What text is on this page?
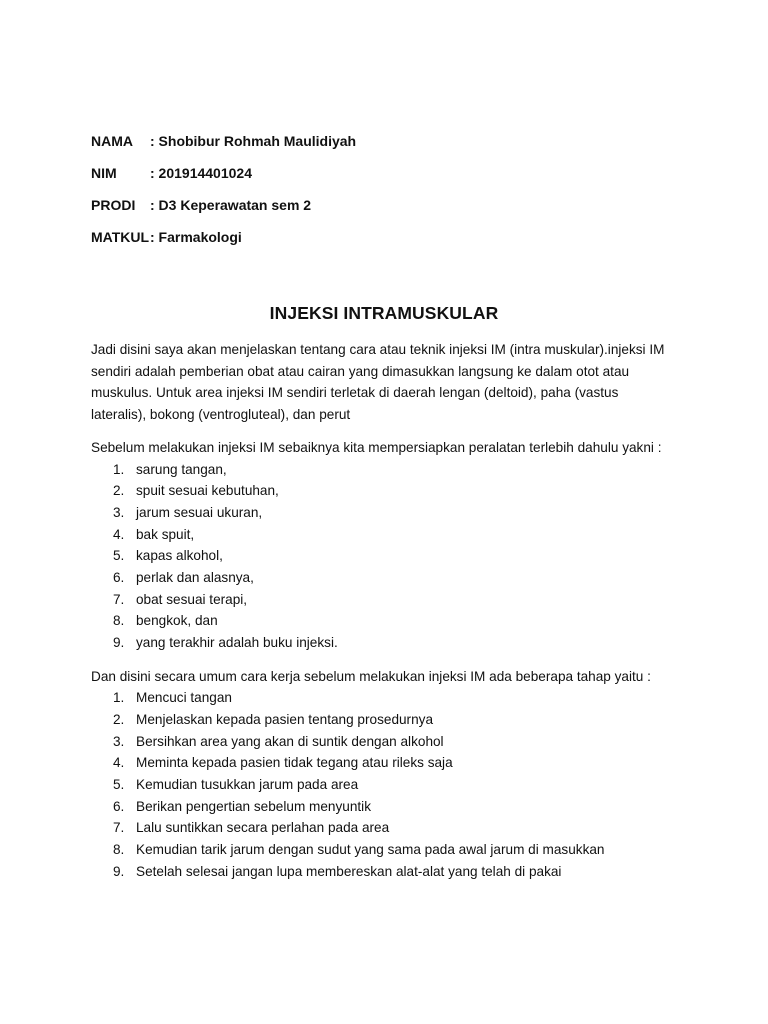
NAMA	: Shobibur Rohmah Maulidiyah
NIM	: 201914401024
PRODI	: D3 Keperawatan sem 2
MATKUL : Farmakologi
INJEKSI INTRAMUSKULAR
Jadi disini saya akan menjelaskan tentang cara atau teknik injeksi IM (intra muskular).injeksi IM
sendiri adalah pemberian obat atau cairan yang dimasukkan langsung ke dalam otot atau
muskulus. Untuk area injeksi IM sendiri terletak di daerah lengan (deltoid), paha (vastus
lateralis), bokong (ventrogluteal), dan perut

Sebelum melakukan injeksi IM sebaiknya kita mempersiapkan peralatan terlebih dahulu yakni :

1. sarung tangan,
2. spuit sesuai kebutuhan,
3. jarum sesuai ukuran,
4. bak spuit,
5. kapas alkohol,
6. perlak dan alasnya,
7. obat sesuai terapi,
8. bengkok, dan
9. yang terakhir adalah buku injeksi.

Dan disini secara umum cara kerja sebelum melakukan injeksi IM ada beberapa tahap yaitu :

1. Mencuci tangan
2. Menjelaskan kepada pasien tentang prosedurnya
3. Bersihkan area yang akan di suntik dengan alkohol
4. Meminta kepada pasien tidak tegang atau rileks saja
5. Kemudian tusukkan jarum pada area
6. Berikan pengertian sebelum menyuntik
7. Lalu suntikkan secara perlahan pada area
8. Kemudian tarik jarum dengan sudut yang sama pada awal jarum di masukkan
9. Setelah selesai jangan lupa membereskan alat-alat yang telah di pakai
